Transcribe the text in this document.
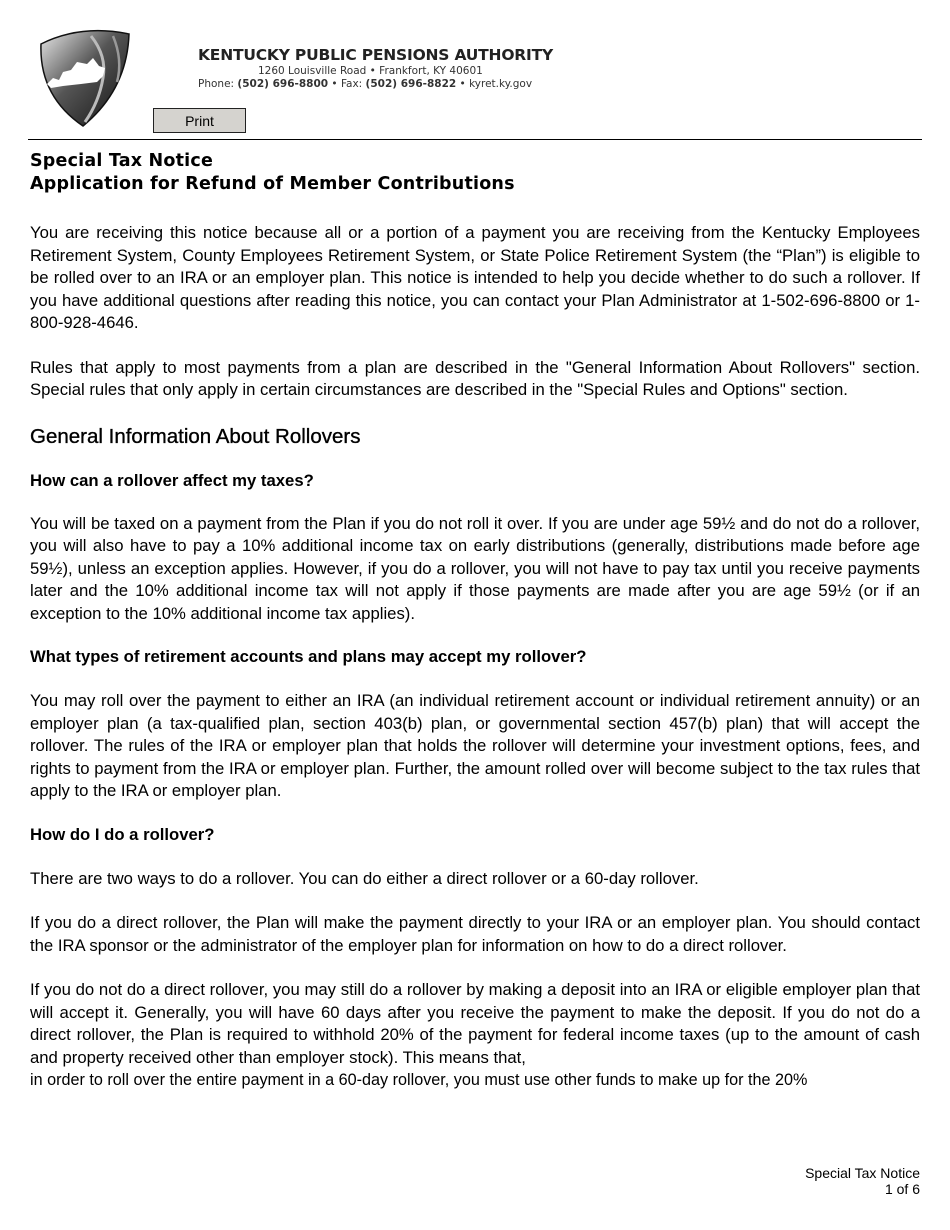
KENTUCKY PUBLIC PENSIONS AUTHORITY
1260 Louisville Road • Frankfort, KY 40601
Phone: (502) 696-8800 • Fax: (502) 696-8822 • kyret.ky.gov
Print
Special Tax Notice
Application for Refund of Member Contributions

You are receiving this notice because all or a portion of a payment you are receiving from the Kentucky Employees Retirement System, County Employees Retirement System, or State Police Retirement System (the “Plan”) is eligible to be rolled over to an IRA or an employer plan. This notice is intended to help you decide whether to do such a rollover. If you have additional questions after reading this notice, you can contact your Plan Administrator at 1-502-696-8800 or 1-800-928-4646.

Rules that apply to most payments from a plan are described in the "General Information About Rollovers" section. Special rules that only apply in certain circumstances are described in the "Special Rules and Options" section.

General Information About Rollovers
How can a rollover affect my taxes?

You will be taxed on a payment from the Plan if you do not roll it over. If you are under age 59½ and do not do a rollover, you will also have to pay a 10% additional income tax on early distributions (generally, distributions made before age 59½), unless an exception applies. However, if you do a rollover, you will not have to pay tax until you receive payments later and the 10% additional income tax will not apply if those payments are made after you are age 59½ (or if an exception to the 10% additional income tax applies).

What types of retirement accounts and plans may accept my rollover?

You may roll over the payment to either an IRA (an individual retirement account or individual retirement annuity) or an employer plan (a tax-qualified plan, section 403(b) plan, or governmental section 457(b) plan) that will accept the rollover. The rules of the IRA or employer plan that holds the rollover will determine your investment options, fees, and rights to payment from the IRA or employer plan. Further, the amount rolled over will become subject to the tax rules that apply to the IRA or employer plan.

How do I do a rollover?

There are two ways to do a rollover. You can do either a direct rollover or a 60-day rollover.

If you do a direct rollover, the Plan will make the payment directly to your IRA or an employer plan. You should contact the IRA sponsor or the administrator of the employer plan for information on how to do a direct rollover.

If you do not do a direct rollover, you may still do a rollover by making a deposit into an IRA or eligible employer plan that will accept it. Generally, you will have 60 days after you receive the payment to make the deposit. If you do not do a direct rollover, the Plan is required to withhold 20% of the payment for federal income taxes (up to the amount of cash and property received other than employer stock). This means that,

in order to roll over the entire payment in a 60-day rollover, you must use other funds to make up for the 20%

Special Tax Notice
1 of 6
